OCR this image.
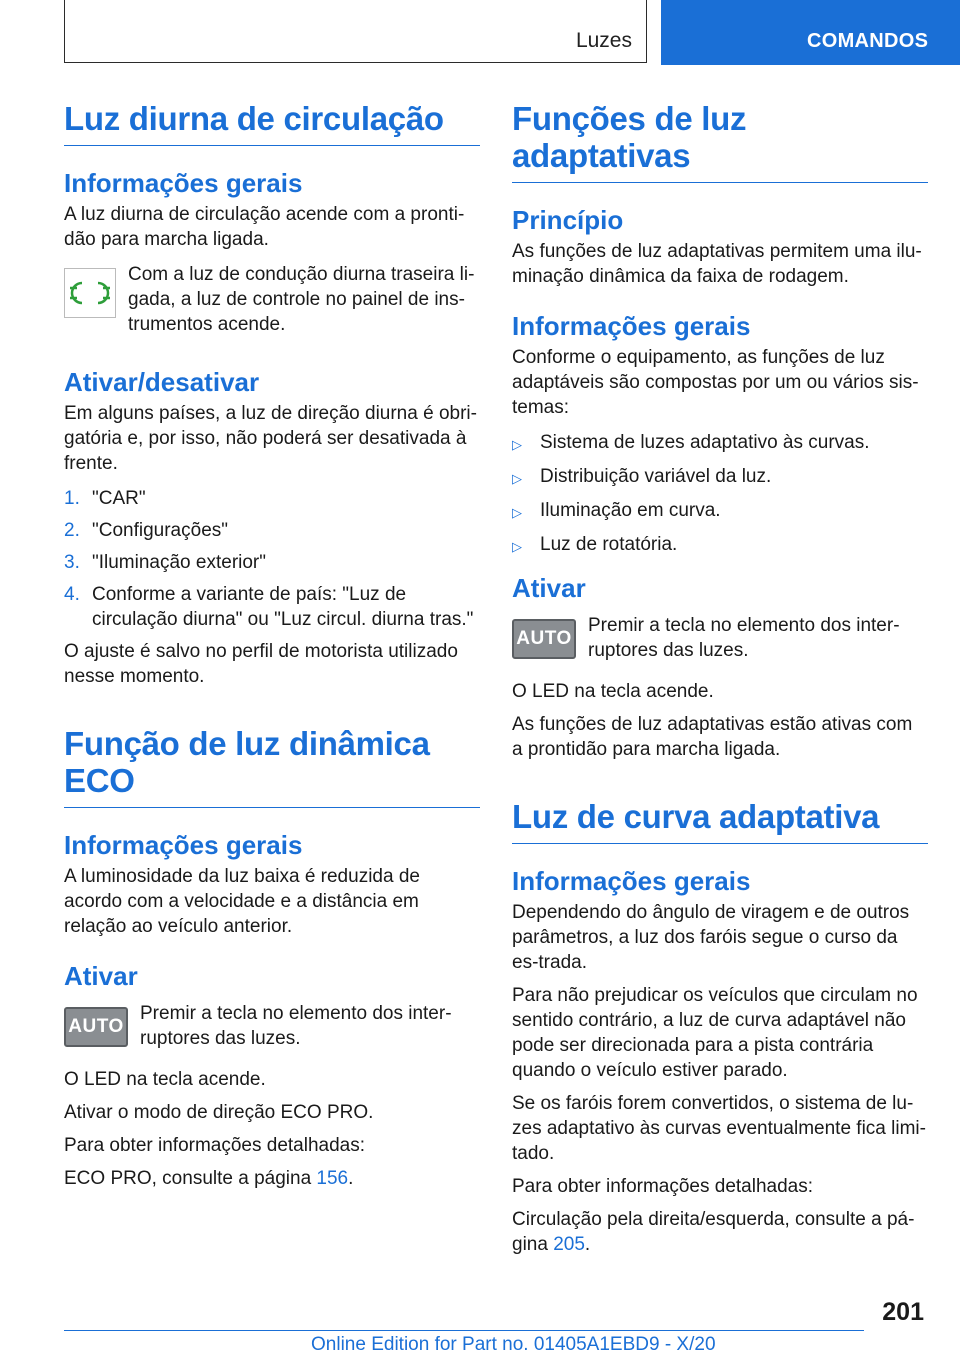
Luzes	COMANDOS
Luz diurna de circulação
Informações gerais

A luz diurna de circulação acende com a pronti-dão para marcha ligada.

Com a luz de condução diurna traseira li-gada, a luz de controle no painel de ins-trumentos acende.

Ativar/desativar

Em alguns países, a luz de direção diurna é obri-gatória e, por isso, não poderá ser desativada à frente.

1. "CAR"
2. "Configurações"
3. "Iluminação exterior"
4. Conforme a variante de país: "Luz de circulação diurna" ou "Luz circul. diurna tras."

O ajuste é salvo no perfil de motorista utilizado nesse momento.

Função de luz dinâmica ECO
Informações gerais

A luminosidade da luz baixa é reduzida de acordo com a velocidade e a distância em relação ao veículo anterior.

Ativar
AUTO

Premir a tecla no elemento dos inter-ruptores das luzes.

O LED na tecla acende.

Ativar o modo de direção ECO PRO.

Para obter informações detalhadas:

ECO PRO, consulte a página 156.

Funções de luz adaptativas
Princípio

As funções de luz adaptativas permitem uma ilu-minação dinâmica da faixa de rodagem.

Informações gerais

Conforme o equipamento, as funções de luz adaptáveis são compostas por um ou vários sis-temas:

▷ Sistema de luzes adaptativo às curvas.
▷ Distribuição variável da luz.
▷ Iluminação em curva.
▷ Luz de rotatória.
Ativar
AUTO

Premir a tecla no elemento dos inter-ruptores das luzes.

O LED na tecla acende.

As funções de luz adaptativas estão ativas com a prontidão para marcha ligada.

Luz de curva adaptativa
Informações gerais

Dependendo do ângulo de viragem e de outros parâmetros, a luz dos faróis segue o curso da es-trada.

Para não prejudicar os veículos que circulam no sentido contrário, a luz de curva adaptável não pode ser direcionada para a pista contrária quando o veículo estiver parado.

Se os faróis forem convertidos, o sistema de lu-zes adaptativo às curvas eventualmente fica limi-tado.

Para obter informações detalhadas:

Circulação pela direita/esquerda, consulte a pá-gina 205.

201
Online Edition for Part no. 01405A1EBD9 - X/20
